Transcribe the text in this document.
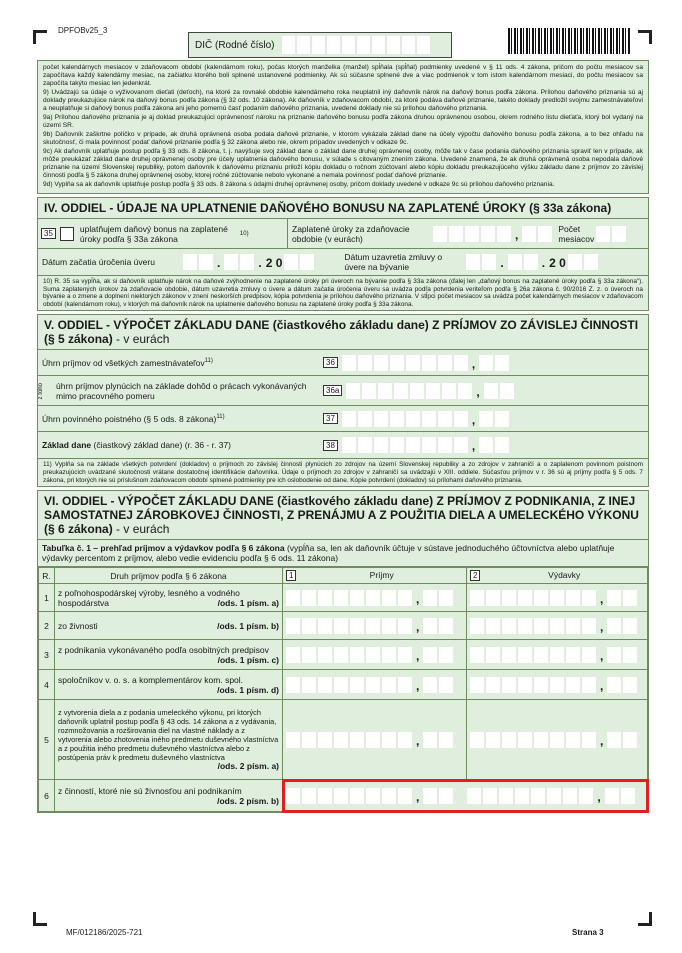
DPFOBv25_3
DIČ (Rodné číslo)

počet kalendárnych mesiacov v zdaňovacom období (kalendárnom roku), počas ktorých manželka (manžel) spĺňala (spĺňal) podmienky uvedené v § 11 ods. 4 zákona, pričom do počtu mesiacov sa započítava každý kalendárny mesiac, na začiatku ktorého boli splnené ustanovené podmienky. Ak sú súčasne splnené dve a viac podmienok v tom istom kalendárnom mesiaci, do počtu mesiacov sa započíta takýto mesiac len jedenkrát.

9) Uvádzajú sa údaje o vyživovanom dieťati (deťoch), na ktoré za rovnaké obdobie kalendárneho roka neuplatnil iný daňovník nárok na daňový bonus podľa zákona. Prílohou daňového priznania sú aj doklady preukazujúce nárok na daňový bonus podľa zákona (§ 32 ods. 10 zákona). Ak daňovník v zdaňovacom období, za ktoré podáva daňové priznanie, takéto doklady predložil svojmu zamestnávateľovi a neuplatňuje si daňový bonus podľa zákona ani jeho pomernú časť podaním daňového priznania, uvedené doklady nie sú prílohou daňového priznania.

9a) Prílohou daňového priznania je aj doklad preukazujúci oprávnenosť nároku na priznanie daňového bonusu podľa zákona druhou oprávnenou osobou, okrem rodného listu dieťaťa, ktorý bol vydaný na území SR.

9b) Daňovník zaškrtne políčko v prípade, ak druhá oprávnená osoba podala daňové priznanie, v ktorom vykázala základ dane na účely výpočtu daňového bonusu podľa zákona, a to bez ohľadu na skutočnosť, či mala povinnosť podať daňové priznanie podľa § 32 zákona alebo nie, okrem prípadov uvedených v odkaze 9c.

9c) Ak daňovník uplatňuje postup podľa § 33 ods. 8 zákona, t. j. navýšuje svoj základ dane o základ dane druhej oprávnenej osoby, môže tak v čase podania daňového priznania spraviť len v prípade, ak môže preukázať základ dane druhej oprávnenej osoby pre účely uplatnenia daňového bonusu, v súlade s citovaným znením zákona. Uvedené znamená, že ak druhá oprávnená osoba nepodala daňové priznanie na území Slovenskej republiky, potom daňovník k daňovému priznaniu priloží kópiu dokladu o ročnom zúčtovaní alebo kópiu dokladu preukazujúceho výšku základu dane z príjmov zo závislej činnosti podľa § 5 zákona druhej oprávnenej osoby, ktorej ročné zúčtovanie nebolo vykonané a nemala povinnosť podať daňové priznanie.

9d) Vyplňa sa ak daňovník uplatňuje postup podľa § 33 ods. 8 zákona s údajmi druhej oprávnenej osoby, pričom doklady uvedené v odkaze 9c sú prílohou daňového priznania.

IV. ODDIEL - ÚDAJE NA UPLATNENIE DAŇOVÉHO BONUSU NA ZAPLATENÉ ÚROKY (§ 33a zákona)
35	uplatňujem daňový bonus na zaplatené úroky podľa § 33a zákona	10)	Zaplatené úroky za zdaňovacie obdobie (v eurách)	,	Počet mesiacov
Dátum začatia úročenia úveru	.	. 2 0	Dátum uzavretia zmluvy o úvere na bývanie	.	. 2 0
10) R. 35 sa vypĺňa, ak si daňovník uplatňuje nárok na daňové zvýhodnenie na zaplatené úroky pri úveroch na bývanie podľa § 33a zákona (ďalej len „daňový bonus na zaplatené úroky podľa § 33a zákona“). Suma zaplatených úrokov za zdaňovacie obdobie, dátum uzavretia zmluvy o úvere a dátum začatia úročenia úveru sa uvádza podľa potvrdenia veriteľom podľa § 26a zákona č. 90/2016 Z. z. o úveroch na bývanie a o zmene a doplnení niektorých zákonov v znení neskorších predpisov, kópia potvrdenia je prílohou daňového priznania. V stĺpci počet mesiacov sa uvádza počet kalendárnych mesiacov v zdaňovacom období (kalendárnom roku), v ktorých má daňovník nárok na uplatnenie daňového bonusu na zaplatené úroky podľa § 33a zákona.
V. ODDIEL - VÝPOČET ZÁKLADU DANE (čiastkového základu dane) Z PRÍJMOV ZO ZÁVISLEJ ČINNOSTI (§ 5 zákona) - v eurách
Úhrn príjmov od všetkých zamestnávateľov$^{11)}$	36	,
z toho	úhrn príjmov plynúcich na základe dohôd o prácach vykonávaných mimo pracovného pomeru	36a	,
Úhrn povinného poistného (§ 5 ods. 8 zákona)$^{11)}$	37	,
Základ dane (čiastkový základ dane) (r. 36 - r. 37)	38	,
11) Vyplňa sa na základe všetkých potvrdení (dokladov) o príjmoch zo závislej činnosti plynúcich zo zdrojov na území Slovenskej republiky a zo zdrojov v zahraničí a o zaplatenom povinnom poistnom preukazujúcich uvádzané skutočnosti vrátane dostatočnej identifikácie daňovníka. Údaje o príjmoch zo zdrojov v zahraničí sa uvádzajú v XIII. oddiele. Súčasťou príjmov v r. 36 sú aj príjmy podľa § 5 ods. 7 zákona, pri ktorých nie sú príslušnom zdaňovacom období splnené podmienky pre ich oslobodenie od dane. Kópie potvrdení (dokladov) sú prílohami daňového priznania.
VI. ODDIEL - VÝPOČET ZÁKLADU DANE (čiastkového základu dane) Z PRÍJMOV Z PODNIKANIA, Z INEJ SAMOSTATNEJ ZÁROBKOVEJ ČINNOSTI, Z PRENÁJMU A Z POUŽITIA DIELA A UMELECKÉHO VÝKONU (§ 6 zákona) - v eurách
Tabuľka č. 1 – prehľad príjmov a výdavkov podľa § 6 zákona (vypĺňa sa, len ak daňovník účtuje v sústave jednoduchého účtovníctva alebo uplatňuje výdavky percentom z príjmov, alebo vedie evidenciu podľa § 6 ods. 11 zákona)
R.	Druh príjmov podľa § 6 zákona	1 Príjmy	2 Výdavky
1	z poľnohospodárskej výroby, lesného a vodného hospodárstva /ods. 1 písm. a)	,	,

2	zo živnosti /ods. 1 písm. b)	,	,

3	z podnikania vykonávaného podľa osobitných predpisov
/ods. 1 písm. c)	,	,

4	spoločníkov v. o. s. a komplementárov kom. spol.
/ods. 1 písm. d)	,	,

5	z vytvorenia diela a z podania umeleckého výkonu, pri ktorých daňovník uplatnil postup podľa § 43 ods. 14 zákona a z vydávania, rozmnožovania a rozširovania diel na vlastné náklady a z vytvorenia alebo zhotovenia iného predmetu duševného vlastníctva a z použitia iného predmetu duševného vlastníctva alebo z postúpenia práv k predmetu duševného vlastníctva
/ods. 2 písm. a)	,	,

6	z činností, ktoré nie sú živnosťou ani podnikaním
/ods. 2 písm. b)	, ,	
MF/012186/2025-721	Strana 3
